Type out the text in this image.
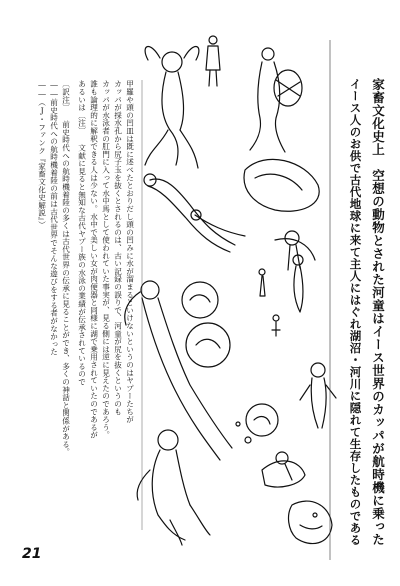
家畜文化史上　空想の動物とされた河童はイース世界のカッパが航時機に乗った
イース人のお供で古代地球に来て主人にはぐれ湖沼・河川に隠れて生存したものである
甲羅や頭の凹皿は既に述べたとおりだし頭の凹みに水が溜まるといけないというのはヤプーたちが
カッパが採水孔から尻子玉を抜くとされるのは、古い記録の誤りで、河童が尻を抜くというのも
カッパが水泳者の肛門に入って水中馬として使われていた事実が、見る側には逆に見えたのであろう。
誰も論理的に解釈できる人は少ない。水中で美しい女が肉便器と同様に湖で乗用されていたのであるが
あるいは〔注〕 文献に見ると無知な古代ヤプー族の水泳の業績が伝承されているので
〔訳注〕 前史時代への航時機着陸の多くは古代世界の伝承に見ることができ、多くの神話と関係がある。
――前史時代への航時機着陸の前は古代世界でそんな遊びをする者がなかった
――（J・ファンク『家畜文化史解説』）
21
